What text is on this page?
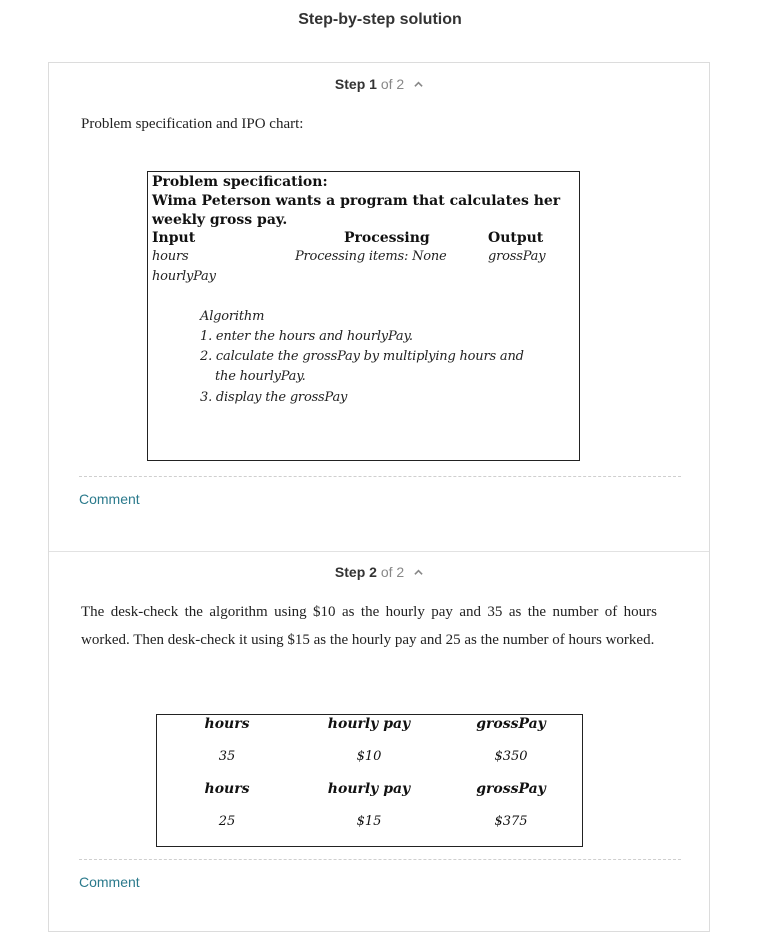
Step-by-step solution
Step 1 of 2
Problem specification and IPO chart:
Problem specification:
Wima Peterson wants a program that calculates her
weekly gross pay.
Input	Processing	Output
hours	Processing items: None	grossPay
hourlyPay
Algorithm
1. enter the hours and hourlyPay.
2. calculate the grossPay by multiplying hours and
the hourlyPay.
3. display the grossPay
Comment
Step 2 of 2
The desk-check the algorithm using $10 as the hourly pay and 35 as the number of hours worked. Then desk-check it using $15 as the hourly pay and 25 as the number of hours worked.
hours	hourly pay	grossPay
35	$10	$350
hours	hourly pay	grossPay
25	$15	$375
Comment
